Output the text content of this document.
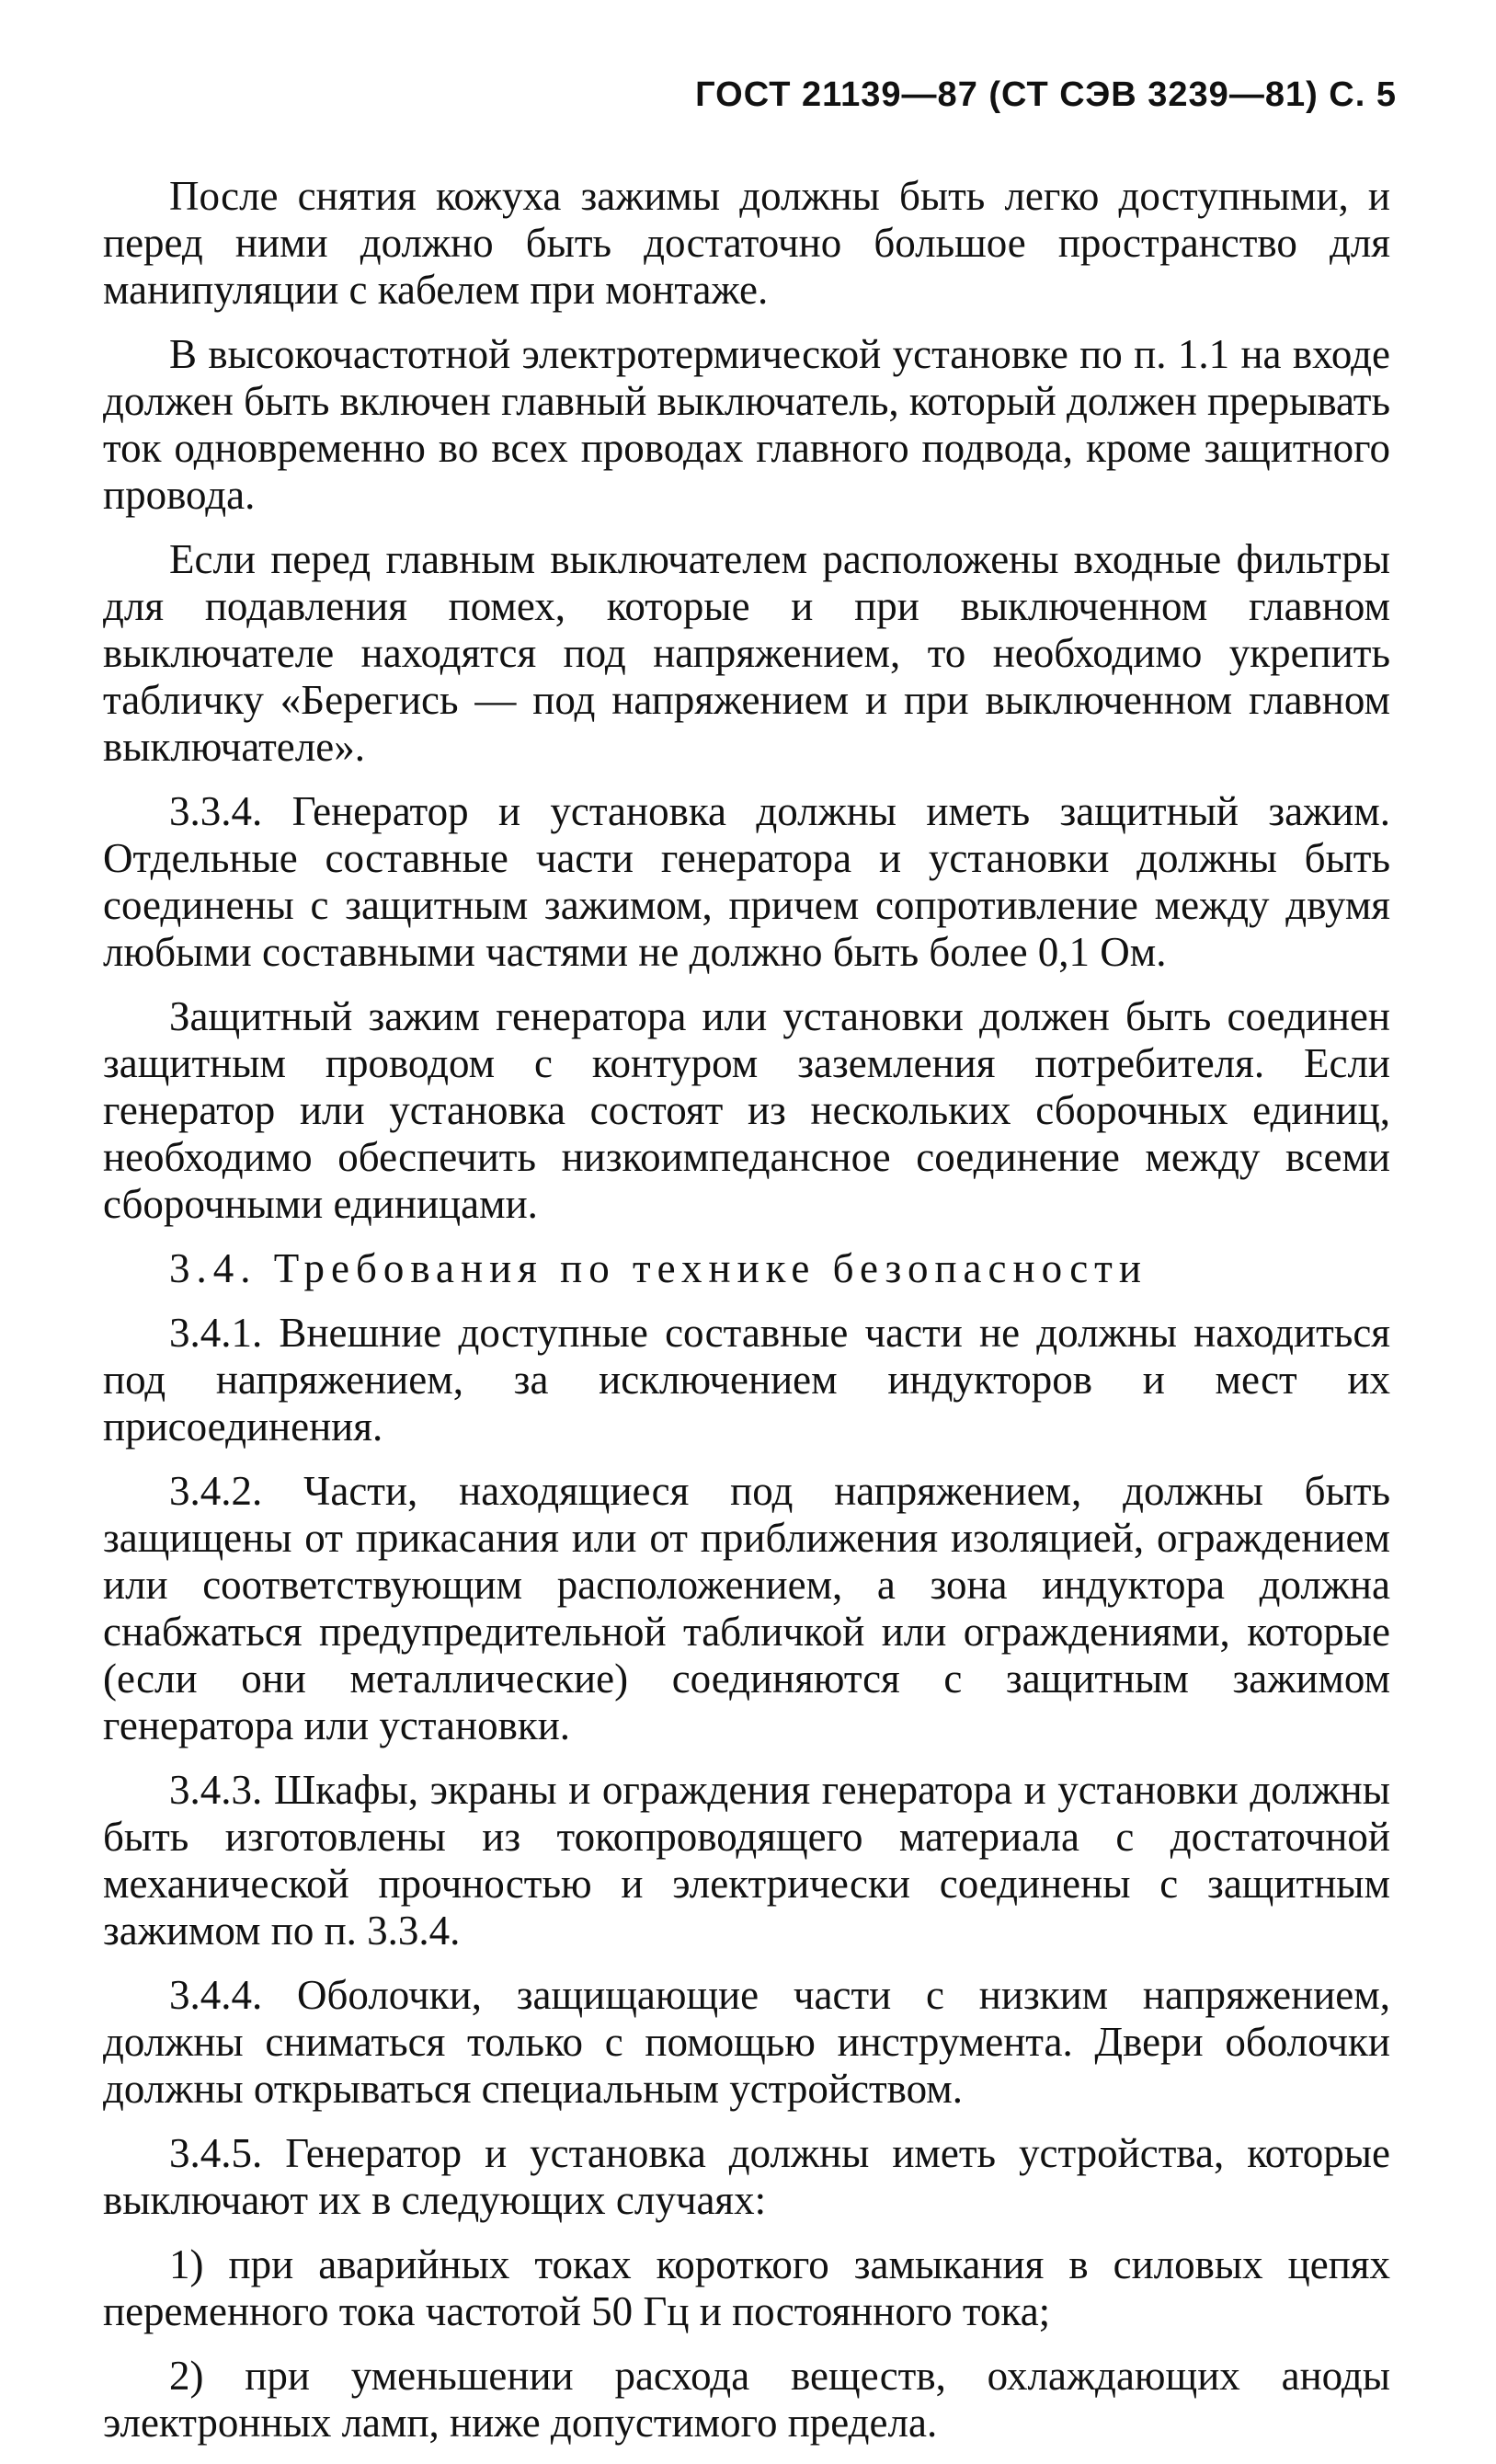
ГОСТ 21139—87 (СТ СЭВ 3239—81) С. 5

После снятия кожуха зажимы должны быть легко доступными, и перед ними должно быть достаточно большое пространство для манипуляции с кабелем при монтаже.

В высокочастотной электротермической установке по п. 1.1 на входе должен быть включен главный выключатель, который должен прерывать ток одновременно во всех проводах главного подвода, кроме защитного провода.

Если перед главным выключателем расположены входные фильтры для подавления помех, которые и при выключенном главном выключателе находятся под напряжением, то необходимо укрепить табличку «Берегись — под напряжением и при выключенном главном выключателе».

3.3.4. Генератор и установка должны иметь защитный зажим. Отдельные составные части генератора и установки должны быть соединены с защитным зажимом, причем сопротивление между двумя любыми составными частями не должно быть более 0,1 Ом.

Защитный зажим генератора или установки должен быть соединен защитным проводом с контуром заземления потребителя. Если генератор или установка состоят из нескольких сборочных единиц, необходимо обеспечить низкоимпедансное соединение между всеми сборочными единицами.

3.4. Требования по технике безопасности

3.4.1. Внешние доступные составные части не должны находиться под напряжением, за исключением индукторов и мест их присоединения.

3.4.2. Части, находящиеся под напряжением, должны быть защищены от прикасания или от приближения изоляцией, ограждением или соответствующим расположением, а зона индуктора должна снабжаться предупредительной табличкой или ограждениями, которые (если они металлические) соединяются с защитным зажимом генератора или установки.

3.4.3. Шкафы, экраны и ограждения генератора и установки должны быть изготовлены из токопроводящего материала с достаточной механической прочностью и электрически соединены с защитным зажимом по п. 3.3.4.

3.4.4. Оболочки, защищающие части с низким напряжением, должны сниматься только с помощью инструмента. Двери оболочки должны открываться специальным устройством.

3.4.5. Генератор и установка должны иметь устройства, которые выключают их в следующих случаях:

1) при аварийных токах короткого замыкания в силовых цепях переменного тока частотой 50 Гц и постоянного тока;

2) при уменьшении расхода веществ, охлаждающих аноды электронных ламп, ниже допустимого предела.
